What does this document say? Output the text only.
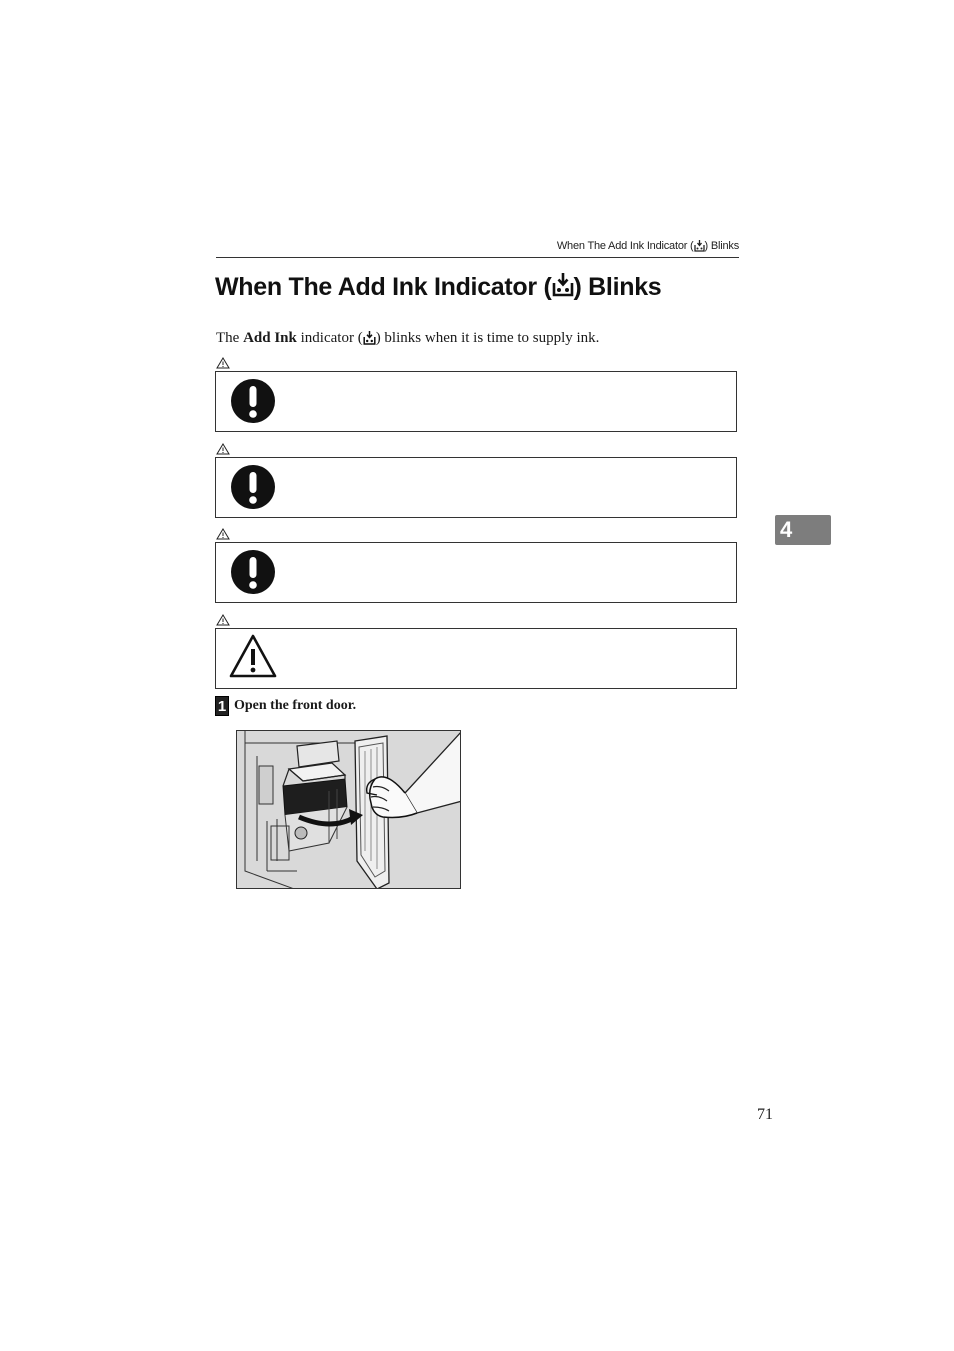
When The Add Ink Indicator ( ) Blinks
When The Add Ink Indicator ( ) Blinks
The Add Ink indicator ( ) blinks when it is time to supply ink.
1 Open the front door.
4
71
